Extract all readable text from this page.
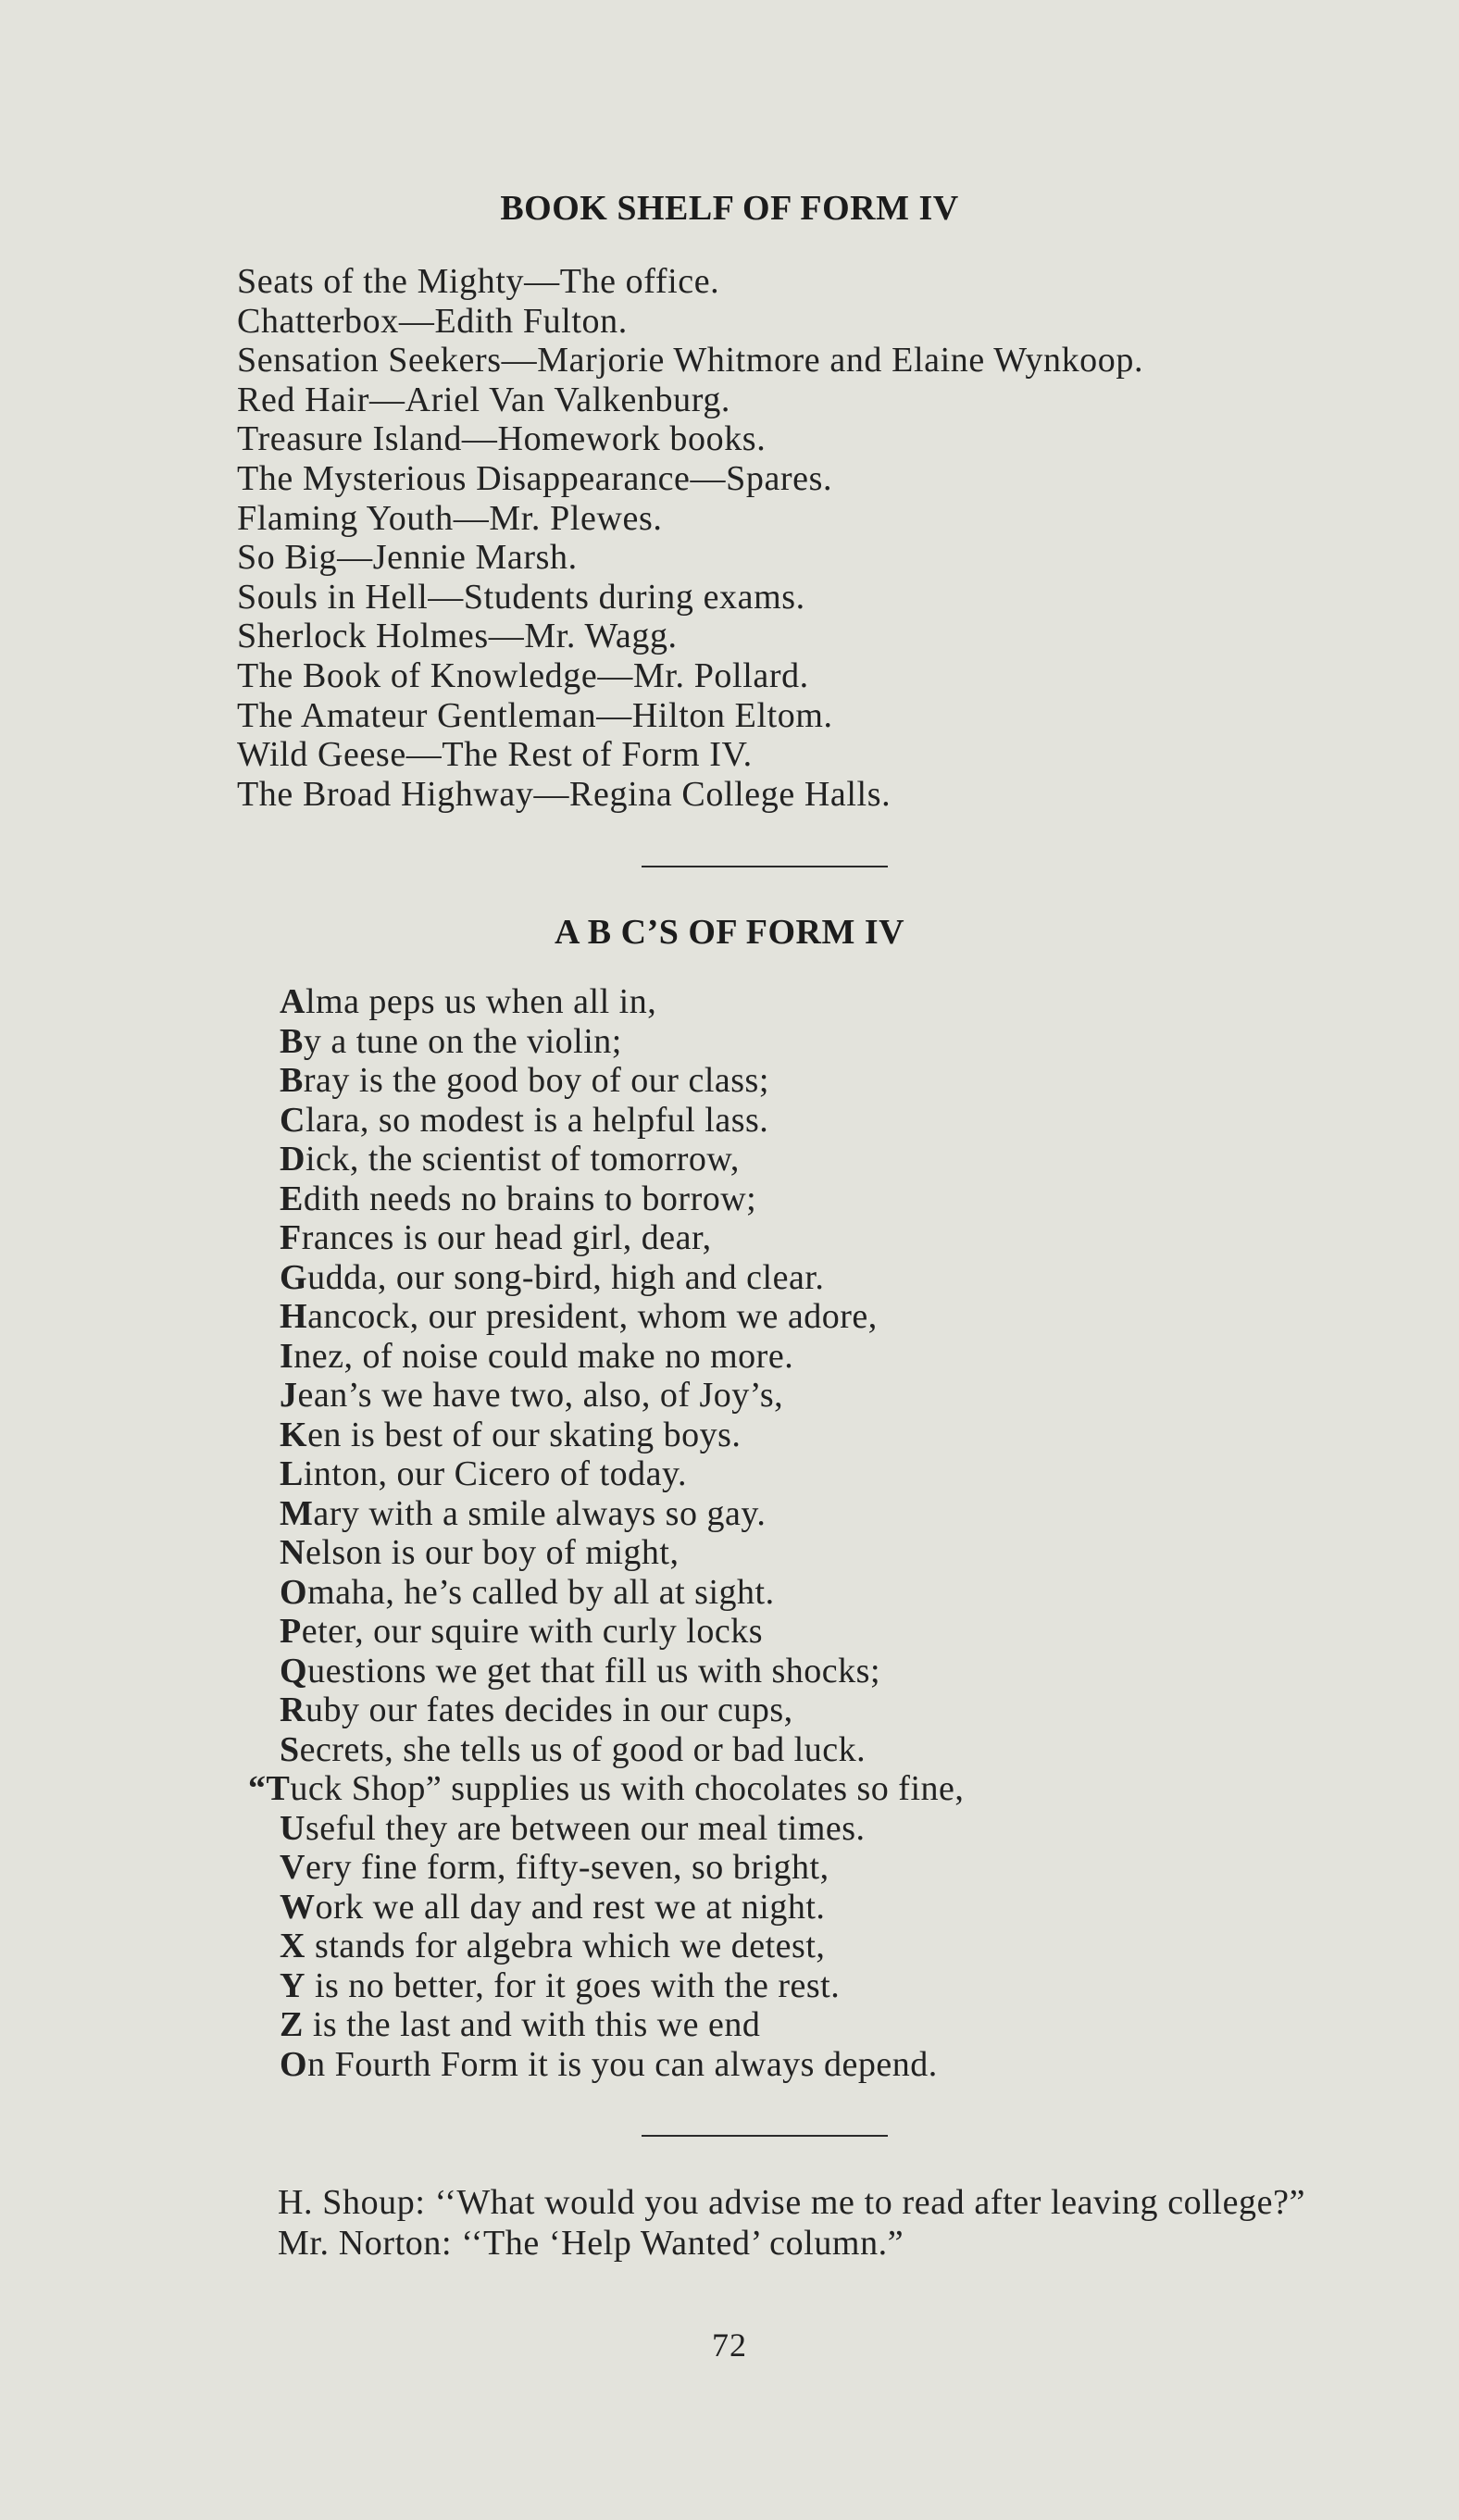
BOOK SHELF OF FORM IV
Seats of the Mighty—The office.
Chatterbox—Edith Fulton.
Sensation Seekers—Marjorie Whitmore and Elaine Wynkoop.
Red Hair—Ariel Van Valkenburg.
Treasure Island—Homework books.
The Mysterious Disappearance—Spares.
Flaming Youth—Mr. Plewes.
So Big—Jennie Marsh.
Souls in Hell—Students during exams.
Sherlock Holmes—Mr. Wagg.
The Book of Knowledge—Mr. Pollard.
The Amateur Gentleman—Hilton Eltom.
Wild Geese—The Rest of Form IV.
The Broad Highway—Regina College Halls.
A B C’S OF FORM IV
Alma peps us when all in,
By a tune on the violin;
Bray is the good boy of our class;
Clara, so modest is a helpful lass.
Dick, the scientist of tomorrow,
Edith needs no brains to borrow;
Frances is our head girl, dear,
Gudda, our song-bird, high and clear.
Hancock, our president, whom we adore,
Inez, of noise could make no more.
Jean’s we have two, also, of Joy’s,
Ken is best of our skating boys.
Linton, our Cicero of today.
Mary with a smile always so gay.
Nelson is our boy of might,
Omaha, he’s called by all at sight.
Peter, our squire with curly locks
Questions we get that fill us with shocks;
Ruby our fates decides in our cups,
Secrets, she tells us of good or bad luck.
“Tuck Shop” supplies us with chocolates so fine,
Useful they are between our meal times.
Very fine form, fifty-seven, so bright,
Work we all day and rest we at night.
X stands for algebra which we detest,
Y is no better, for it goes with the rest.
Z is the last and with this we end
On Fourth Form it is you can always depend.

H. Shoup: ‘‘What would you advise me to read after leaving college?”

Mr. Norton: ‘‘The ‘Help Wanted’ column.”

72
